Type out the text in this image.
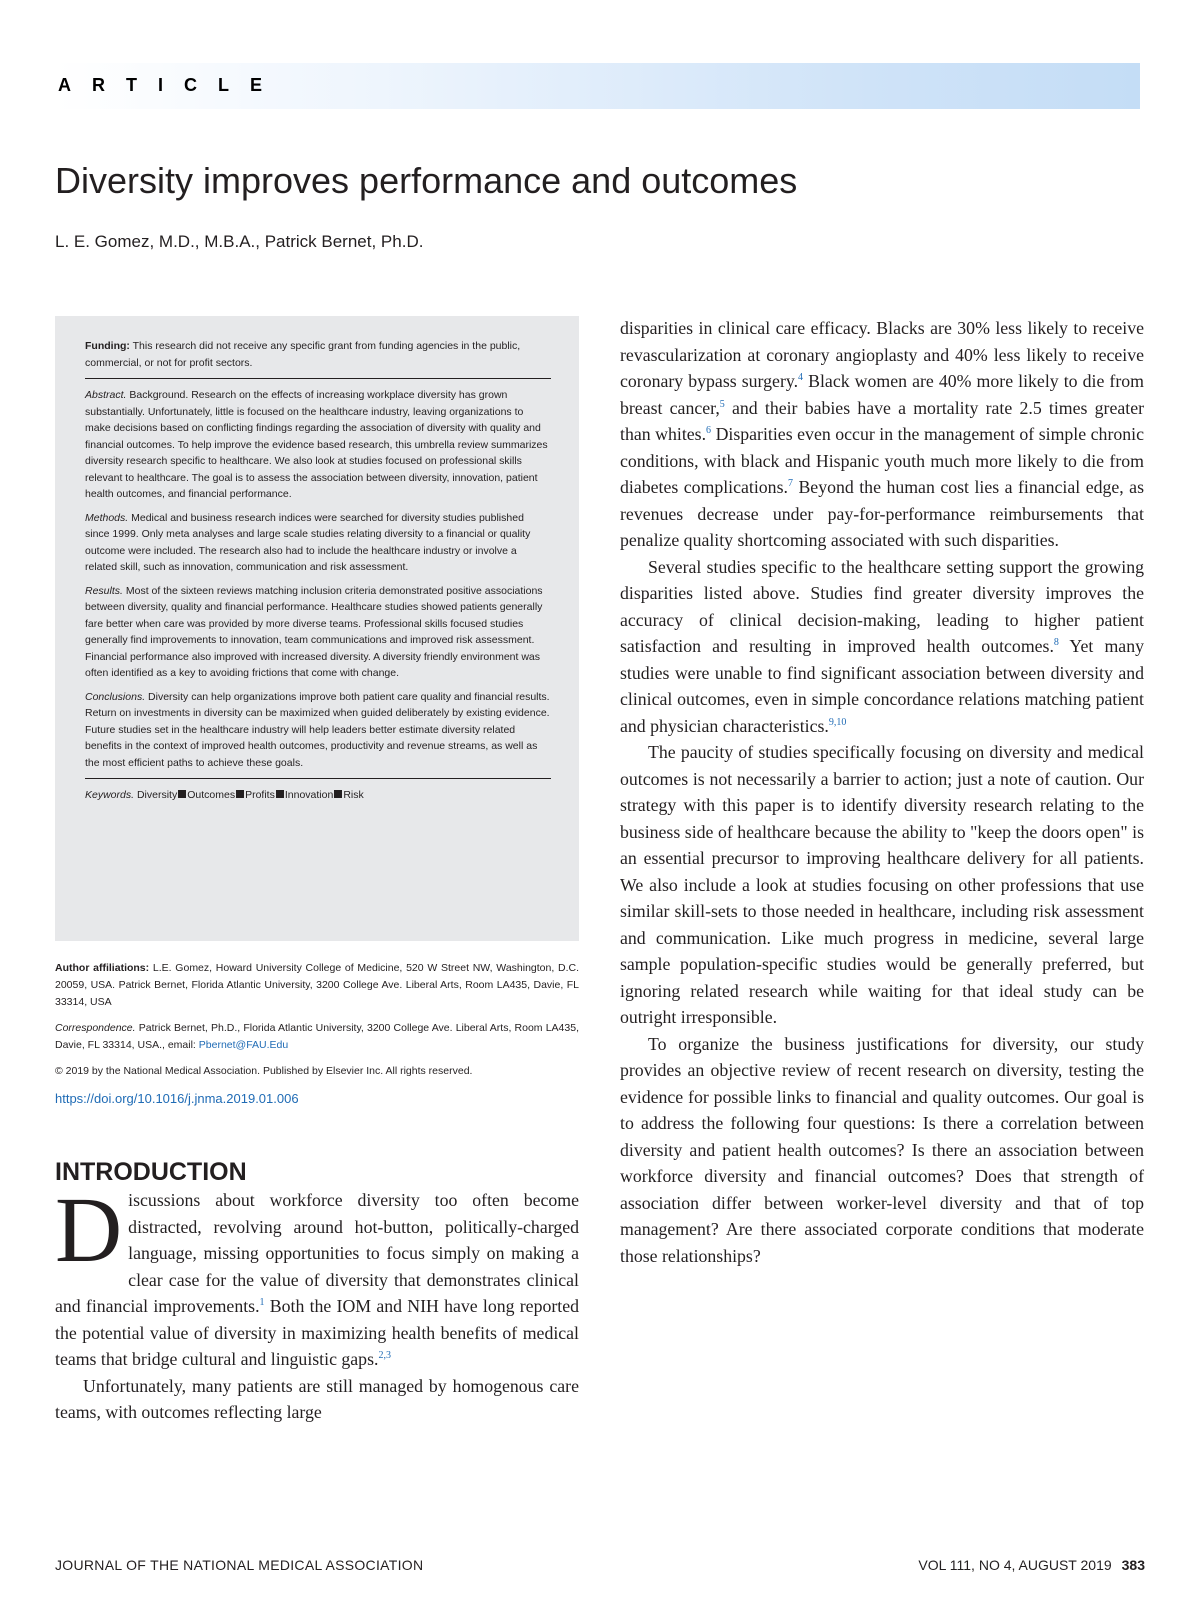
ARTICLE
Diversity improves performance and outcomes
L. E. Gomez, M.D., M.B.A., Patrick Bernet, Ph.D.

Funding: This research did not receive any specific grant from funding agencies in the public, commercial, or not for profit sectors.

Abstract. Background. Research on the effects of increasing workplace diversity has grown substantially. Unfortunately, little is focused on the healthcare industry, leaving organizations to make decisions based on conflicting findings regarding the association of diversity with quality and financial outcomes. To help improve the evidence based research, this umbrella review summarizes diversity research specific to healthcare. We also look at studies focused on professional skills relevant to healthcare. The goal is to assess the association between diversity, innovation, patient health outcomes, and financial performance.

Methods. Medical and business research indices were searched for diversity studies published since 1999. Only meta analyses and large scale studies relating diversity to a financial or quality outcome were included. The research also had to include the healthcare industry or involve a related skill, such as innovation, communication and risk assessment.

Results. Most of the sixteen reviews matching inclusion criteria demonstrated positive associations between diversity, quality and financial performance. Healthcare studies showed patients generally fare better when care was provided by more diverse teams. Professional skills focused studies generally find improvements to innovation, team communications and improved risk assessment. Financial performance also improved with increased diversity. A diversity friendly environment was often identified as a key to avoiding frictions that come with change.

Conclusions. Diversity can help organizations improve both patient care quality and financial results. Return on investments in diversity can be maximized when guided deliberately by existing evidence. Future studies set in the healthcare industry will help leaders better estimate diversity related benefits in the context of improved health outcomes, productivity and revenue streams, as well as the most efficient paths to achieve these goals.

Keywords. Diversity Outcomes Profits Innovation Risk

Author affiliations: L.E. Gomez, Howard University College of Medicine, 520 W Street NW, Washington, D.C. 20059, USA. Patrick Bernet, Florida Atlantic University, 3200 College Ave. Liberal Arts, Room LA435, Davie, FL 33314, USA

Correspondence. Patrick Bernet, Ph.D., Florida Atlantic University, 3200 College Ave. Liberal Arts, Room LA435, Davie, FL 33314, USA., email: Pbernet@FAU.Edu

© 2019 by the National Medical Association. Published by Elsevier Inc. All rights reserved.

https://doi.org/10.1016/j.jnma.2019.01.006
INTRODUCTION

Discussions about workforce diversity too often become distracted, revolving around hot-button, politically-charged language, missing opportunities to focus simply on making a clear case for the value of diversity that demonstrates clinical and financial improvements.$^1$ Both the IOM and NIH have long reported the potential value of diversity in maximizing health benefits of medical teams that bridge cultural and linguistic gaps.$^{2,3}$

Unfortunately, many patients are still managed by homogenous care teams, with outcomes reflecting large

disparities in clinical care efficacy. Blacks are 30% less likely to receive revascularization at coronary angioplasty and 40% less likely to receive coronary bypass surgery.$^4$ Black women are 40% more likely to die from breast cancer,$^5$ and their babies have a mortality rate 2.5 times greater than whites.$^6$ Disparities even occur in the management of simple chronic conditions, with black and Hispanic youth much more likely to die from diabetes complications.$^7$ Beyond the human cost lies a financial edge, as revenues decrease under pay-for-performance reimbursements that penalize quality shortcoming associated with such disparities.

Several studies specific to the healthcare setting support the growing disparities listed above. Studies find greater diversity improves the accuracy of clinical decision-making, leading to higher patient satisfaction and resulting in improved health outcomes.$^8$ Yet many studies were unable to find significant association between diversity and clinical outcomes, even in simple concordance relations matching patient and physician characteristics.$^{9,10}$

The paucity of studies specifically focusing on diversity and medical outcomes is not necessarily a barrier to action; just a note of caution. Our strategy with this paper is to identify diversity research relating to the business side of healthcare because the ability to "keep the doors open" is an essential precursor to improving healthcare delivery for all patients. We also include a look at studies focusing on other professions that use similar skill-sets to those needed in healthcare, including risk assessment and communication. Like much progress in medicine, several large sample population-specific studies would be generally preferred, but ignoring related research while waiting for that ideal study can be outright irresponsible.

To organize the business justifications for diversity, our study provides an objective review of recent research on diversity, testing the evidence for possible links to financial and quality outcomes. Our goal is to address the following four questions: Is there a correlation between diversity and patient health outcomes? Is there an association between workforce diversity and financial outcomes? Does that strength of association differ between worker-level diversity and that of top management? Are there associated corporate conditions that moderate those relationships?

JOURNAL OF THE NATIONAL MEDICAL ASSOCIATION	VOL 111, NO 4, AUGUST 2019 383
